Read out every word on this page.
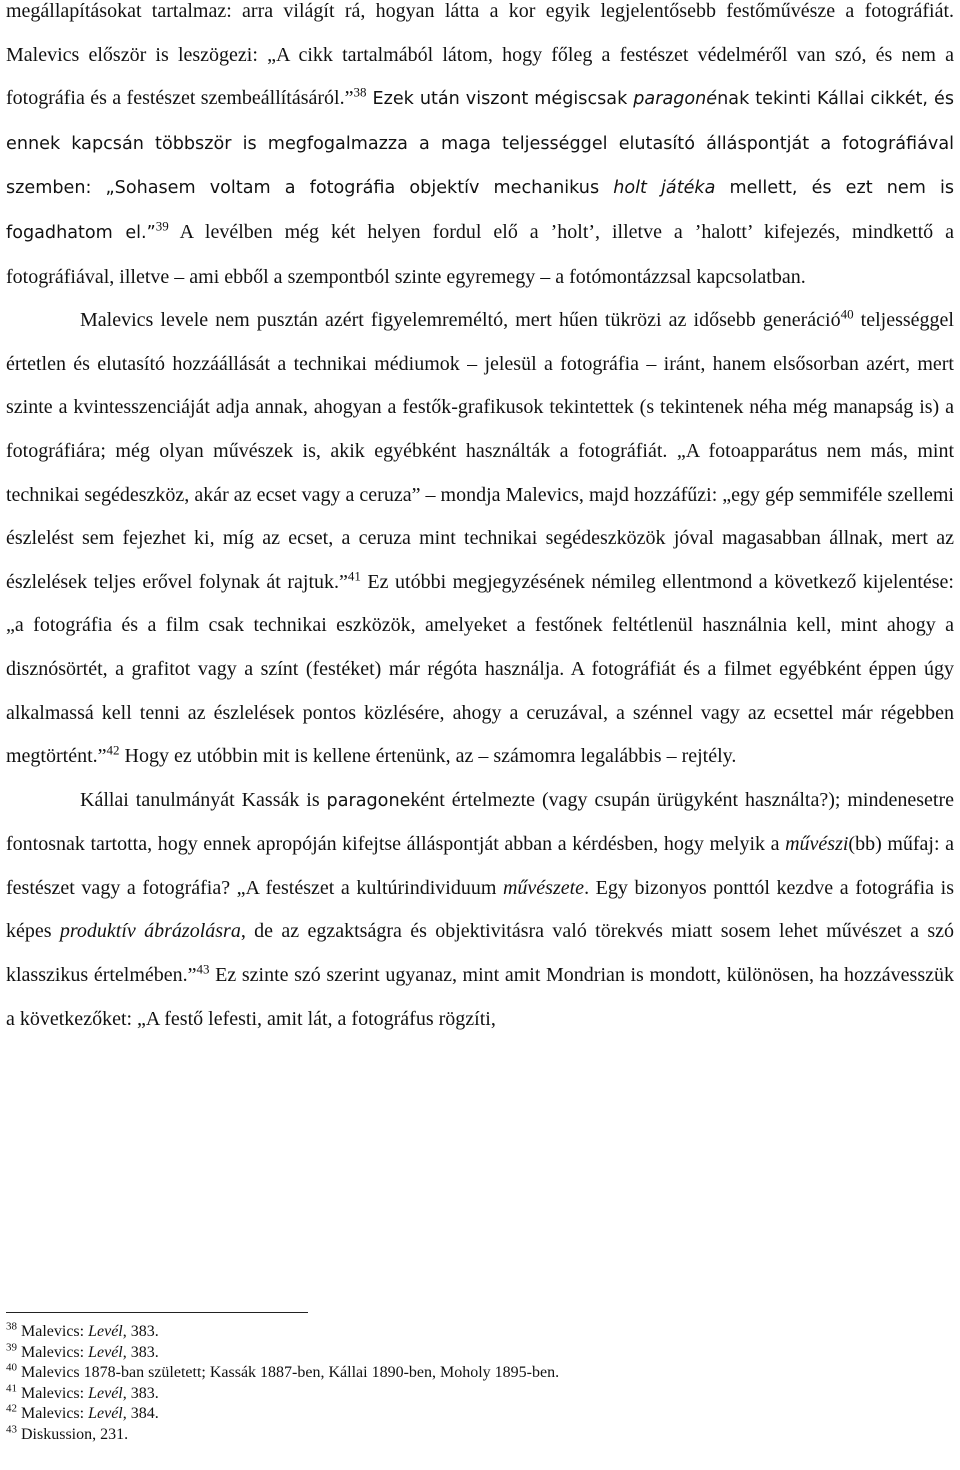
megállapításokat tartalmaz: arra világít rá, hogyan látta a kor egyik legjelentősebb festőművésze a fotográfiát. Malevics először is leszögezi: „A cikk tartalmából látom, hogy főleg a festészet védelméről van szó, és nem a fotográfia és a festészet szembeállításáról.”$^{38}$ Ezek után viszont mégiscsak paragonénak tekinti Kállai cikkét, és ennek kapcsán többször is megfogalmazza a maga teljességgel elutasító álláspontját a fotográfiával szemben: „Sohasem voltam a fotográfia objektív mechanikus holt játéka mellett, és ezt nem is fogadhatom el.”$^{39}$ A levélben még két helyen fordul elő a ’holt’, illetve a ’halott’ kifejezés, mindkettő a fotográfiával, illetve – ami ebből a szempontból szinte egyremegy – a fotómontázzsal kapcsolatban.

Malevics levele nem pusztán azért figyelemreméltó, mert hűen tükrözi az idősebb generáció$^{40}$ teljességgel értetlen és elutasító hozzáállását a technikai médiumok – jelesül a fotográfia – iránt, hanem elsősorban azért, mert szinte a kvintesszenciáját adja annak, ahogyan a festők-grafikusok tekintettek (s tekintenek néha még manapság is) a fotográfiára; még olyan művészek is, akik egyébként használták a fotográfiát. „A fotoapparátus nem más, mint technikai segédeszköz, akár az ecset vagy a ceruza” – mondja Malevics, majd hozzáfűzi: „egy gép semmiféle szellemi észlelést sem fejezhet ki, míg az ecset, a ceruza mint technikai segédeszközök jóval magasabban állnak, mert az észlelések teljes erővel folynak át rajtuk.”$^{41}$ Ez utóbbi megjegyzésének némileg ellentmond a következő kijelentése: „a fotográfia és a film csak technikai eszközök, amelyeket a festőnek feltétlenül használnia kell, mint ahogy a disznósörtét, a grafitot vagy a színt (festéket) már régóta használja. A fotográfiát és a filmet egyébként éppen úgy alkalmassá kell tenni az észlelések pontos közlésére, ahogy a ceruzával, a szénnel vagy az ecsettel már régebben megtörtént.”$^{42}$ Hogy ez utóbbin mit is kellene értenünk, az – számomra legalábbis – rejtély.

Kállai tanulmányát Kassák is paragoneként értelmezte (vagy csupán ürügyként használta?); mindenesetre fontosnak tartotta, hogy ennek apropóján kifejtse álláspontját abban a kérdésben, hogy melyik a művészi(bb) műfaj: a festészet vagy a fotográfia? „A festészet a kultúrindividuum művészete. Egy bizonyos ponttól kezdve a fotográfia is képes produktív ábrázolásra, de az egzaktságra és objektivitásra való törekvés miatt sosem lehet művészet a szó klasszikus értelmében.”$^{43}$ Ez szinte szó szerint ugyanaz, mint amit Mondrian is mondott, különösen, ha hozzávesszük a következőket: „A festő lefesti, amit lát, a fotográfus rögzíti,

$^{38}$ Malevics: Levél, 383.

$^{39}$ Malevics: Levél, 383.

$^{40}$ Malevics 1878-ban született; Kassák 1887-ben, Kállai 1890-ben, Moholy 1895-ben.

$^{41}$ Malevics: Levél, 383.

$^{42}$ Malevics: Levél, 384.

$^{43}$ Diskussion, 231.
